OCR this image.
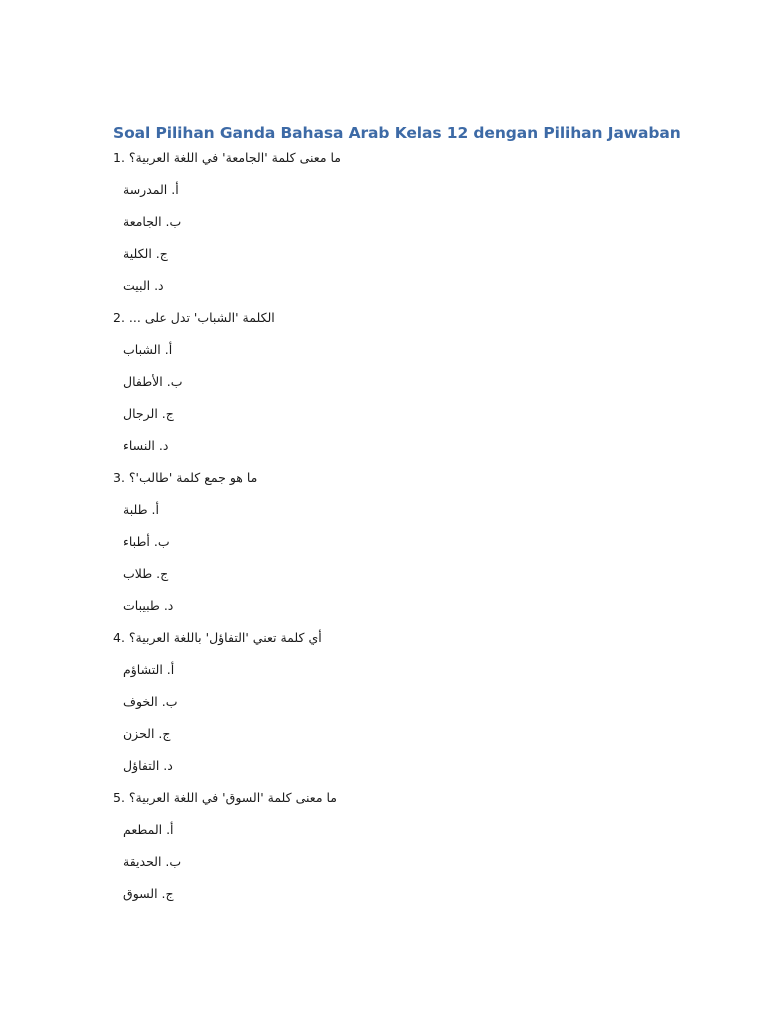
Soal Pilihan Ganda Bahasa Arab Kelas 12 dengan Pilihan Jawaban
1. ما معنى كلمة 'الجامعة' في اللغة العربية؟
أ. المدرسة
ب. الجامعة
ج. الكلية
د. البيت
2. الكلمة 'الشباب' تدل على ...
أ. الشباب
ب. الأطفال
ج. الرجال
د. النساء
3. ما هو جمع كلمة 'طالب'؟
أ. طلبة
ب. أطباء
ج. طلاب
د. طبيبات
4. أي كلمة تعني 'التفاؤل' باللغة العربية؟
أ. التشاؤم
ب. الخوف
ج. الحزن
د. التفاؤل
5. ما معنى كلمة 'السوق' في اللغة العربية؟
أ. المطعم
ب. الحديقة
ج. السوق
